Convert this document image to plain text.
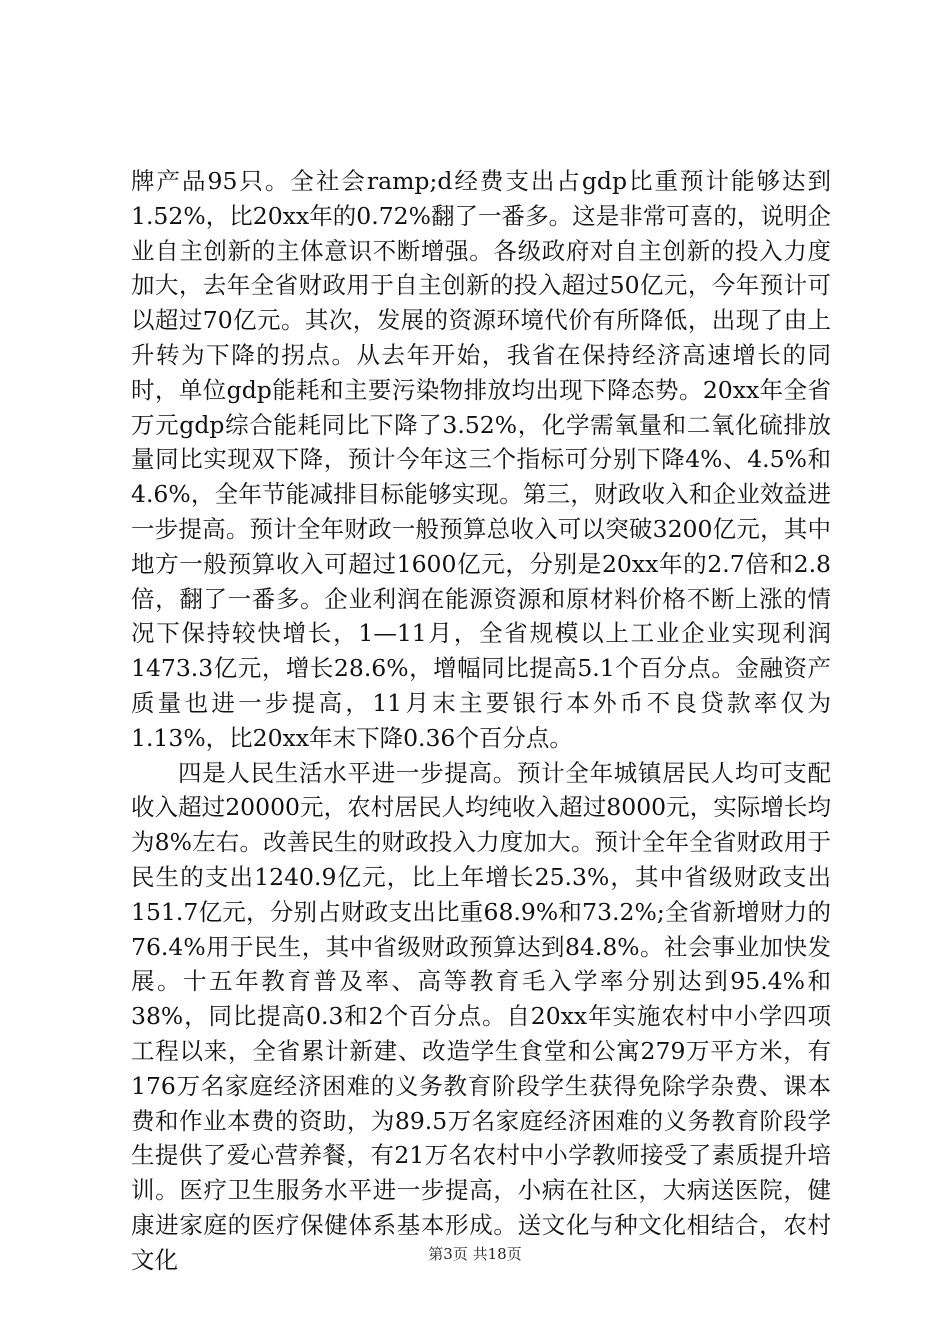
牌产品95只。全社会ramp;d经费支出占gdp比重预计能够达到1.52%，比20xx年的0.72%翻了一番多。这是非常可喜的，说明企业自主创新的主体意识不断增强。各级政府对自主创新的投入力度加大，去年全省财政用于自主创新的投入超过50亿元，今年预计可以超过70亿元。其次，发展的资源环境代价有所降低，出现了由上升转为下降的拐点。从去年开始，我省在保持经济高速增长的同时，单位gdp能耗和主要污染物排放均出现下降态势。20xx年全省万元gdp综合能耗同比下降了3.52%，化学需氧量和二氧化硫排放量同比实现双下降，预计今年这三个指标可分别下降4%、4.5%和4.6%，全年节能减排目标能够实现。第三，财政收入和企业效益进一步提高。预计全年财政一般预算总收入可以突破3200亿元，其中地方一般预算收入可超过1600亿元，分别是20xx年的2.7倍和2.8倍，翻了一番多。企业利润在能源资源和原材料价格不断上涨的情况下保持较快增长，1—11月，全省规模以上工业企业实现利润1473.3亿元，增长28.6%，增幅同比提高5.1个百分点。金融资产质量也进一步提高，11月末主要银行本外币不良贷款率仅为1.13%，比20xx年末下降0.36个百分点。

四是人民生活水平进一步提高。预计全年城镇居民人均可支配收入超过20000元，农村居民人均纯收入超过8000元，实际增长均为8%左右。改善民生的财政投入力度加大。预计全年全省财政用于民生的支出1240.9亿元，比上年增长25.3%，其中省级财政支出151.7亿元，分别占财政支出比重68.9%和73.2%;全省新增财力的76.4%用于民生，其中省级财政预算达到84.8%。社会事业加快发展。十五年教育普及率、高等教育毛入学率分别达到95.4%和38%，同比提高0.3和2个百分点。自20xx年实施农村中小学四项工程以来，全省累计新建、改造学生食堂和公寓279万平方米，有176万名家庭经济困难的义务教育阶段学生获得免除学杂费、课本费和作业本费的资助，为89.5万名家庭经济困难的义务教育阶段学生提供了爱心营养餐，有21万名农村中小学教师接受了素质提升培训。医疗卫生服务水平进一步提高，小病在社区，大病送医院，健康进家庭的医疗保健体系基本形成。送文化与种文化相结合，农村文化	第3页 共18页
